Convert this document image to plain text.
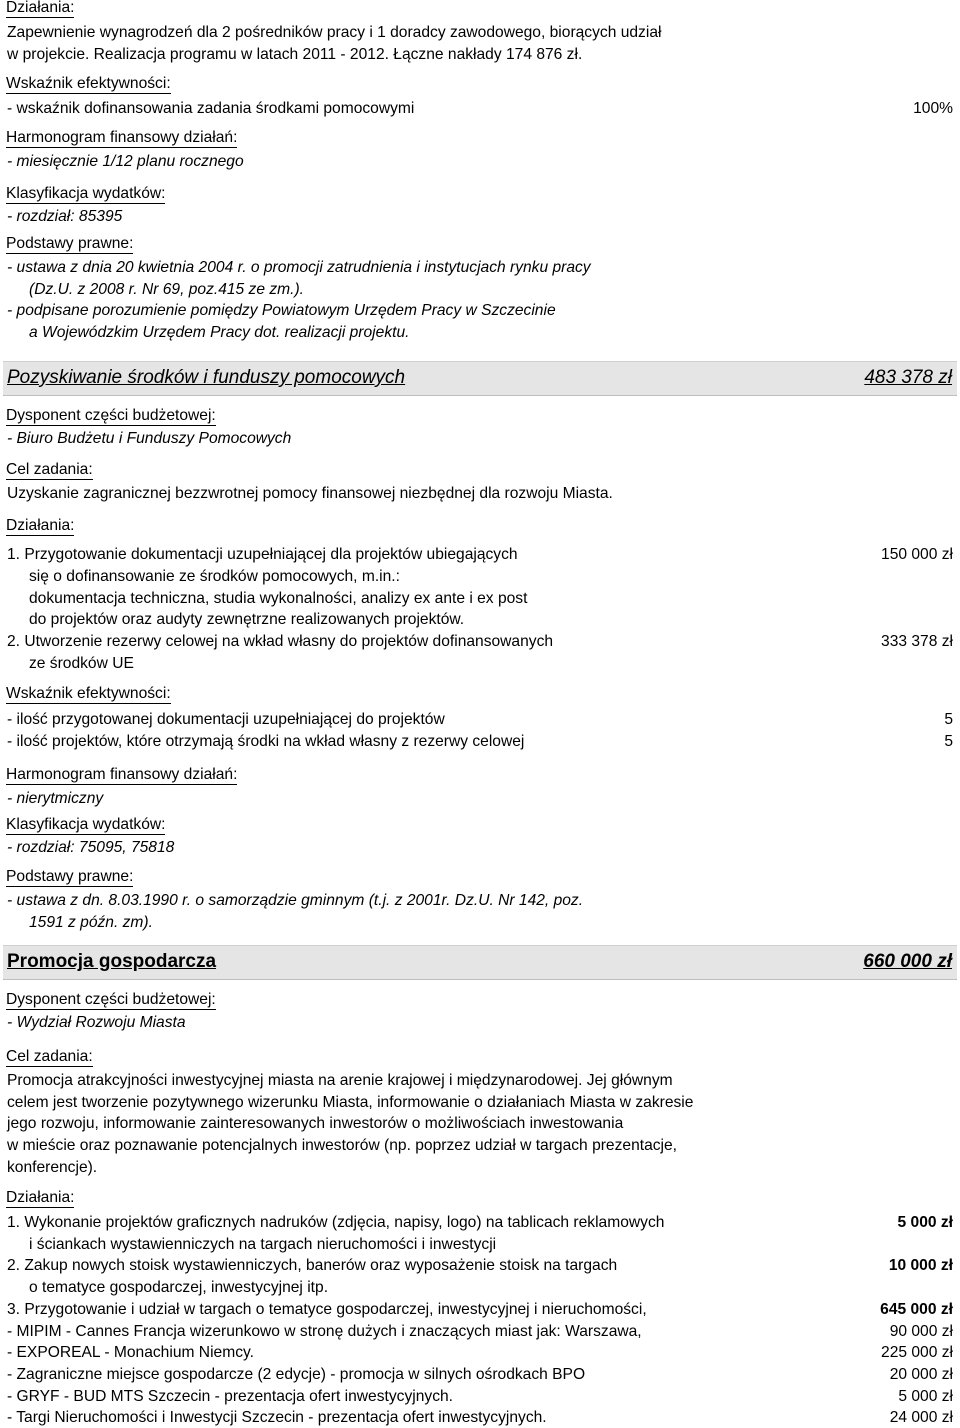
Działania:
Zapewnienie wynagrodzeń dla 2 pośredników pracy i 1 doradcy zawodowego, biorących udział
w projekcie. Realizacja programu w latach 2011 - 2012. Łączne nakłady 174 876 zł.
Wskaźnik efektywności:
- wskaźnik dofinansowania zadania środkami pomocowymi	100%
Harmonogram finansowy działań:
- miesięcznie 1/12 planu rocznego
Klasyfikacja wydatków:
- rozdział: 85395
Podstawy prawne:
- ustawa z dnia 20 kwietnia 2004 r. o promocji zatrudnienia i instytucjach rynku pracy
(Dz.U. z 2008 r. Nr 69, poz.415 ze zm.).
- podpisane porozumienie pomiędzy Powiatowym Urzędem Pracy w Szczecinie
a Wojewódzkim Urzędem Pracy dot. realizacji projektu.
Pozyskiwanie środków i funduszy pomocowych	483 378 zł
Dysponent części budżetowej:
- Biuro Budżetu i Funduszy Pomocowych
Cel zadania:
Uzyskanie zagranicznej bezzwrotnej pomocy finansowej niezbędnej dla rozwoju Miasta.
Działania:
1. Przygotowanie dokumentacji uzupełniającej dla projektów ubiegających	150 000 zł
się o dofinansowanie ze środków pomocowych, m.in.:
dokumentacja techniczna, studia wykonalności, analizy ex ante i ex post
do projektów oraz audyty zewnętrzne realizowanych projektów.
2. Utworzenie rezerwy celowej na wkład własny do projektów dofinansowanych	333 378 zł
ze środków UE
Wskaźnik efektywności:
- ilość przygotowanej dokumentacji uzupełniającej do projektów	5
- ilość projektów, które otrzymają środki na wkład własny z rezerwy celowej	5
Harmonogram finansowy działań:
- nierytmiczny
Klasyfikacja wydatków:
- rozdział: 75095, 75818
Podstawy prawne:
- ustawa z dn. 8.03.1990 r. o samorządzie gminnym (t.j. z 2001r. Dz.U. Nr 142, poz.
1591 z późn. zm).
Promocja gospodarcza	660 000 zł
Dysponent części budżetowej:
- Wydział Rozwoju Miasta
Cel zadania:
Promocja atrakcyjności inwestycyjnej miasta na arenie krajowej i międzynarodowej. Jej głównym
celem jest tworzenie pozytywnego wizerunku Miasta, informowanie o działaniach Miasta w zakresie
jego rozwoju, informowanie zainteresowanych inwestorów o możliwościach inwestowania
w mieście oraz poznawanie potencjalnych inwestorów (np. poprzez udział w targach prezentacje,
konferencje).
Działania:
1. Wykonanie projektów graficznych nadruków (zdjęcia, napisy, logo) na tablicach reklamowych	5 000 zł
i ściankach wystawienniczych na targach nieruchomości i inwestycji
2. Zakup nowych stoisk wystawienniczych, banerów oraz wyposażenie stoisk na targach	10 000 zł
o tematyce gospodarczej, inwestycyjnej itp.
3. Przygotowanie i udział w targach o tematyce gospodarczej, inwestycyjnej i nieruchomości,	645 000 zł
- MIPIM - Cannes Francja wizerunkowo w stronę dużych i znaczących miast jak: Warszawa,	90 000 zł
- EXPOREAL - Monachium Niemcy.	225 000 zł
- Zagraniczne miejsce gospodarcze (2 edycje) - promocja w silnych ośrodkach BPO	20 000 zł
- GRYF - BUD MTS Szczecin - prezentacja ofert inwestycyjnych.	5 000 zł
- Targi Nieruchomości i Inwestycji Szczecin - prezentacja ofert inwestycyjnych.	24 000 zł
